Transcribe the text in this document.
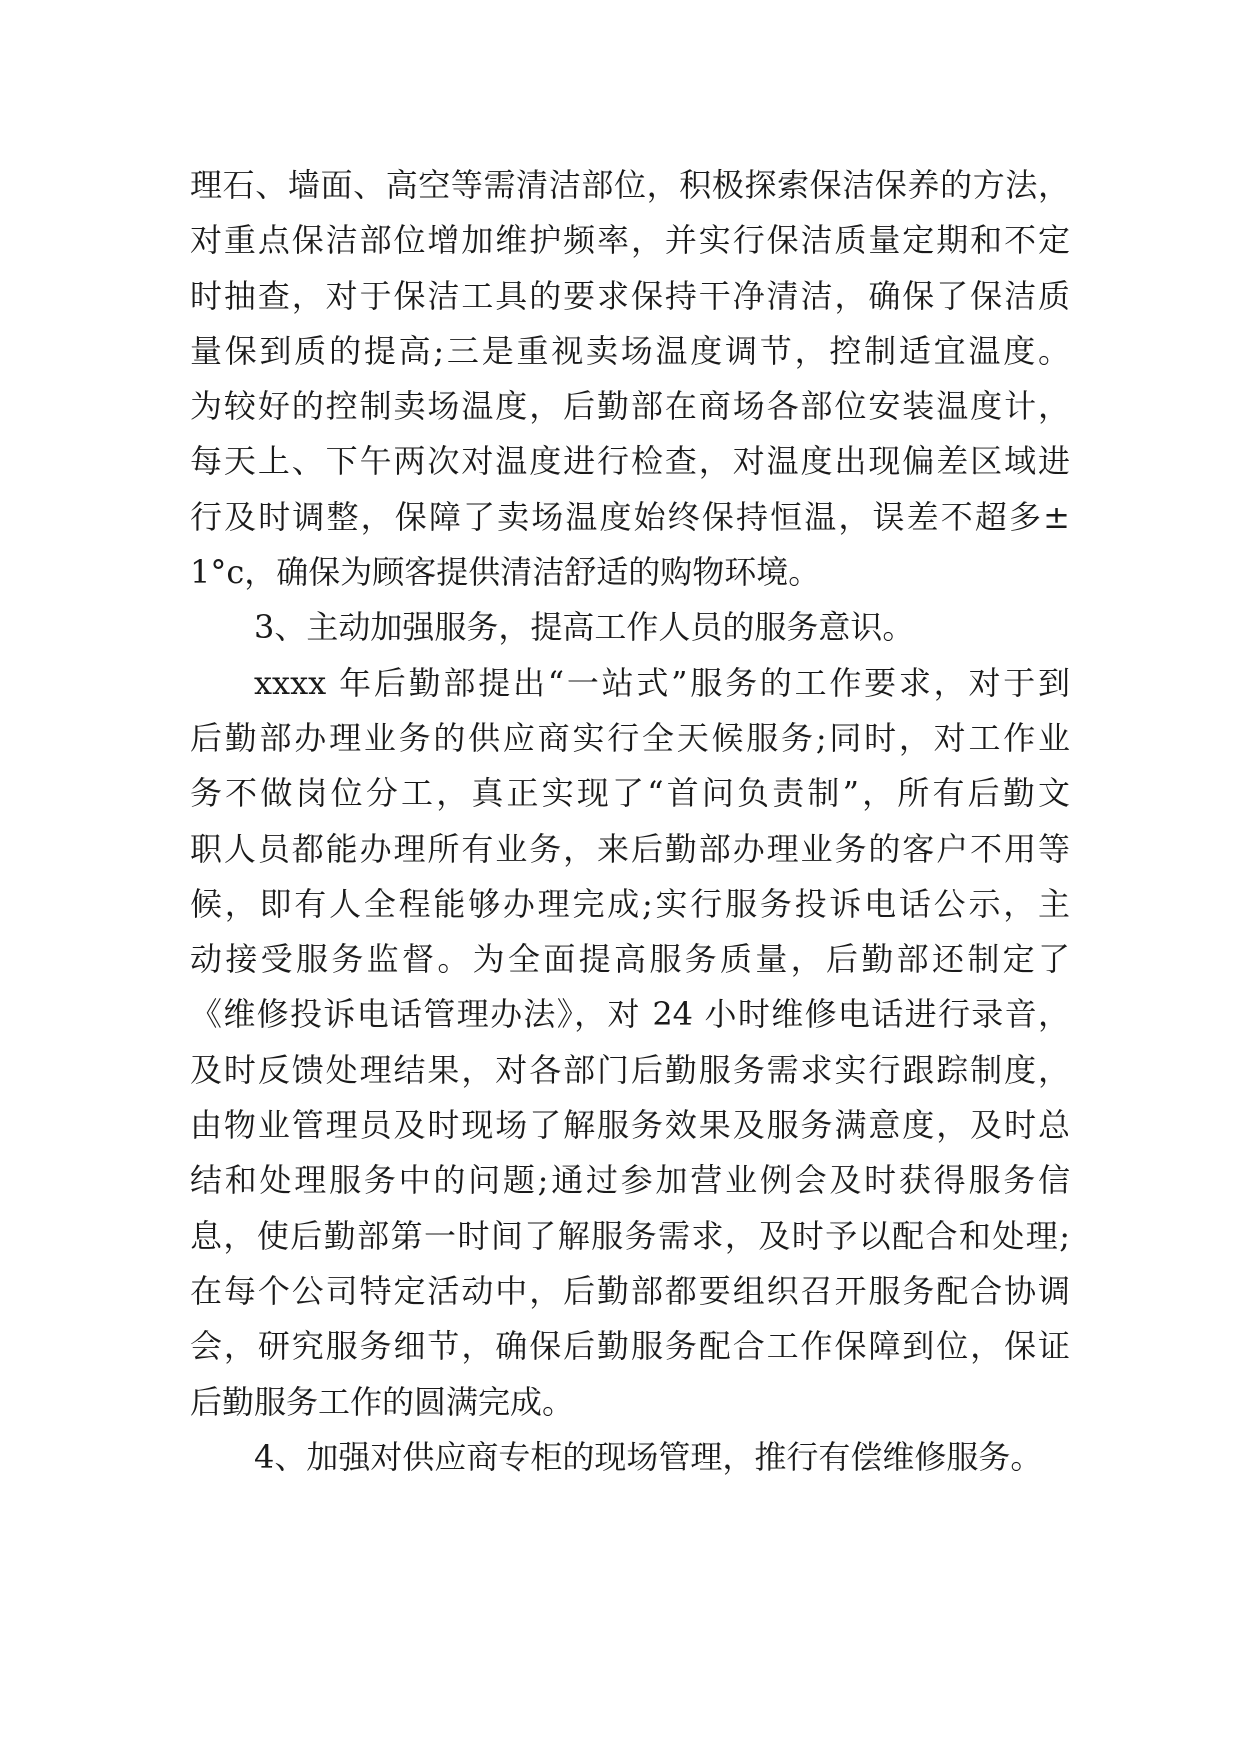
理石、墙面、高空等需清洁部位，积极探索保洁保养的方法，
对重点保洁部位增加维护频率，并实行保洁质量定期和不定
时抽查，对于保洁工具的要求保持干净清洁，确保了保洁质
量保到质的提高;三是重视卖场温度调节，控制适宜温度。
为较好的控制卖场温度，后勤部在商场各部位安装温度计，
每天上、下午两次对温度进行检查，对温度出现偏差区域进
行及时调整，保障了卖场温度始终保持恒温，误差不超多±
1°c，确保为顾客提供清洁舒适的购物环境。
3、主动加强服务，提高工作人员的服务意识。
xxxx 年后勤部提出“一站式”服务的工作要求，对于到
后勤部办理业务的供应商实行全天候服务;同时，对工作业
务不做岗位分工，真正实现了“首问负责制”，所有后勤文
职人员都能办理所有业务，来后勤部办理业务的客户不用等
候，即有人全程能够办理完成;实行服务投诉电话公示，主
动接受服务监督。为全面提高服务质量，后勤部还制定了
《维修投诉电话管理办法》，对 24 小时维修电话进行录音，
及时反馈处理结果，对各部门后勤服务需求实行跟踪制度，
由物业管理员及时现场了解服务效果及服务满意度，及时总
结和处理服务中的问题;通过参加营业例会及时获得服务信
息，使后勤部第一时间了解服务需求，及时予以配合和处理;
在每个公司特定活动中，后勤部都要组织召开服务配合协调
会，研究服务细节，确保后勤服务配合工作保障到位，保证
后勤服务工作的圆满完成。
4、加强对供应商专柜的现场管理，推行有偿维修服务。
